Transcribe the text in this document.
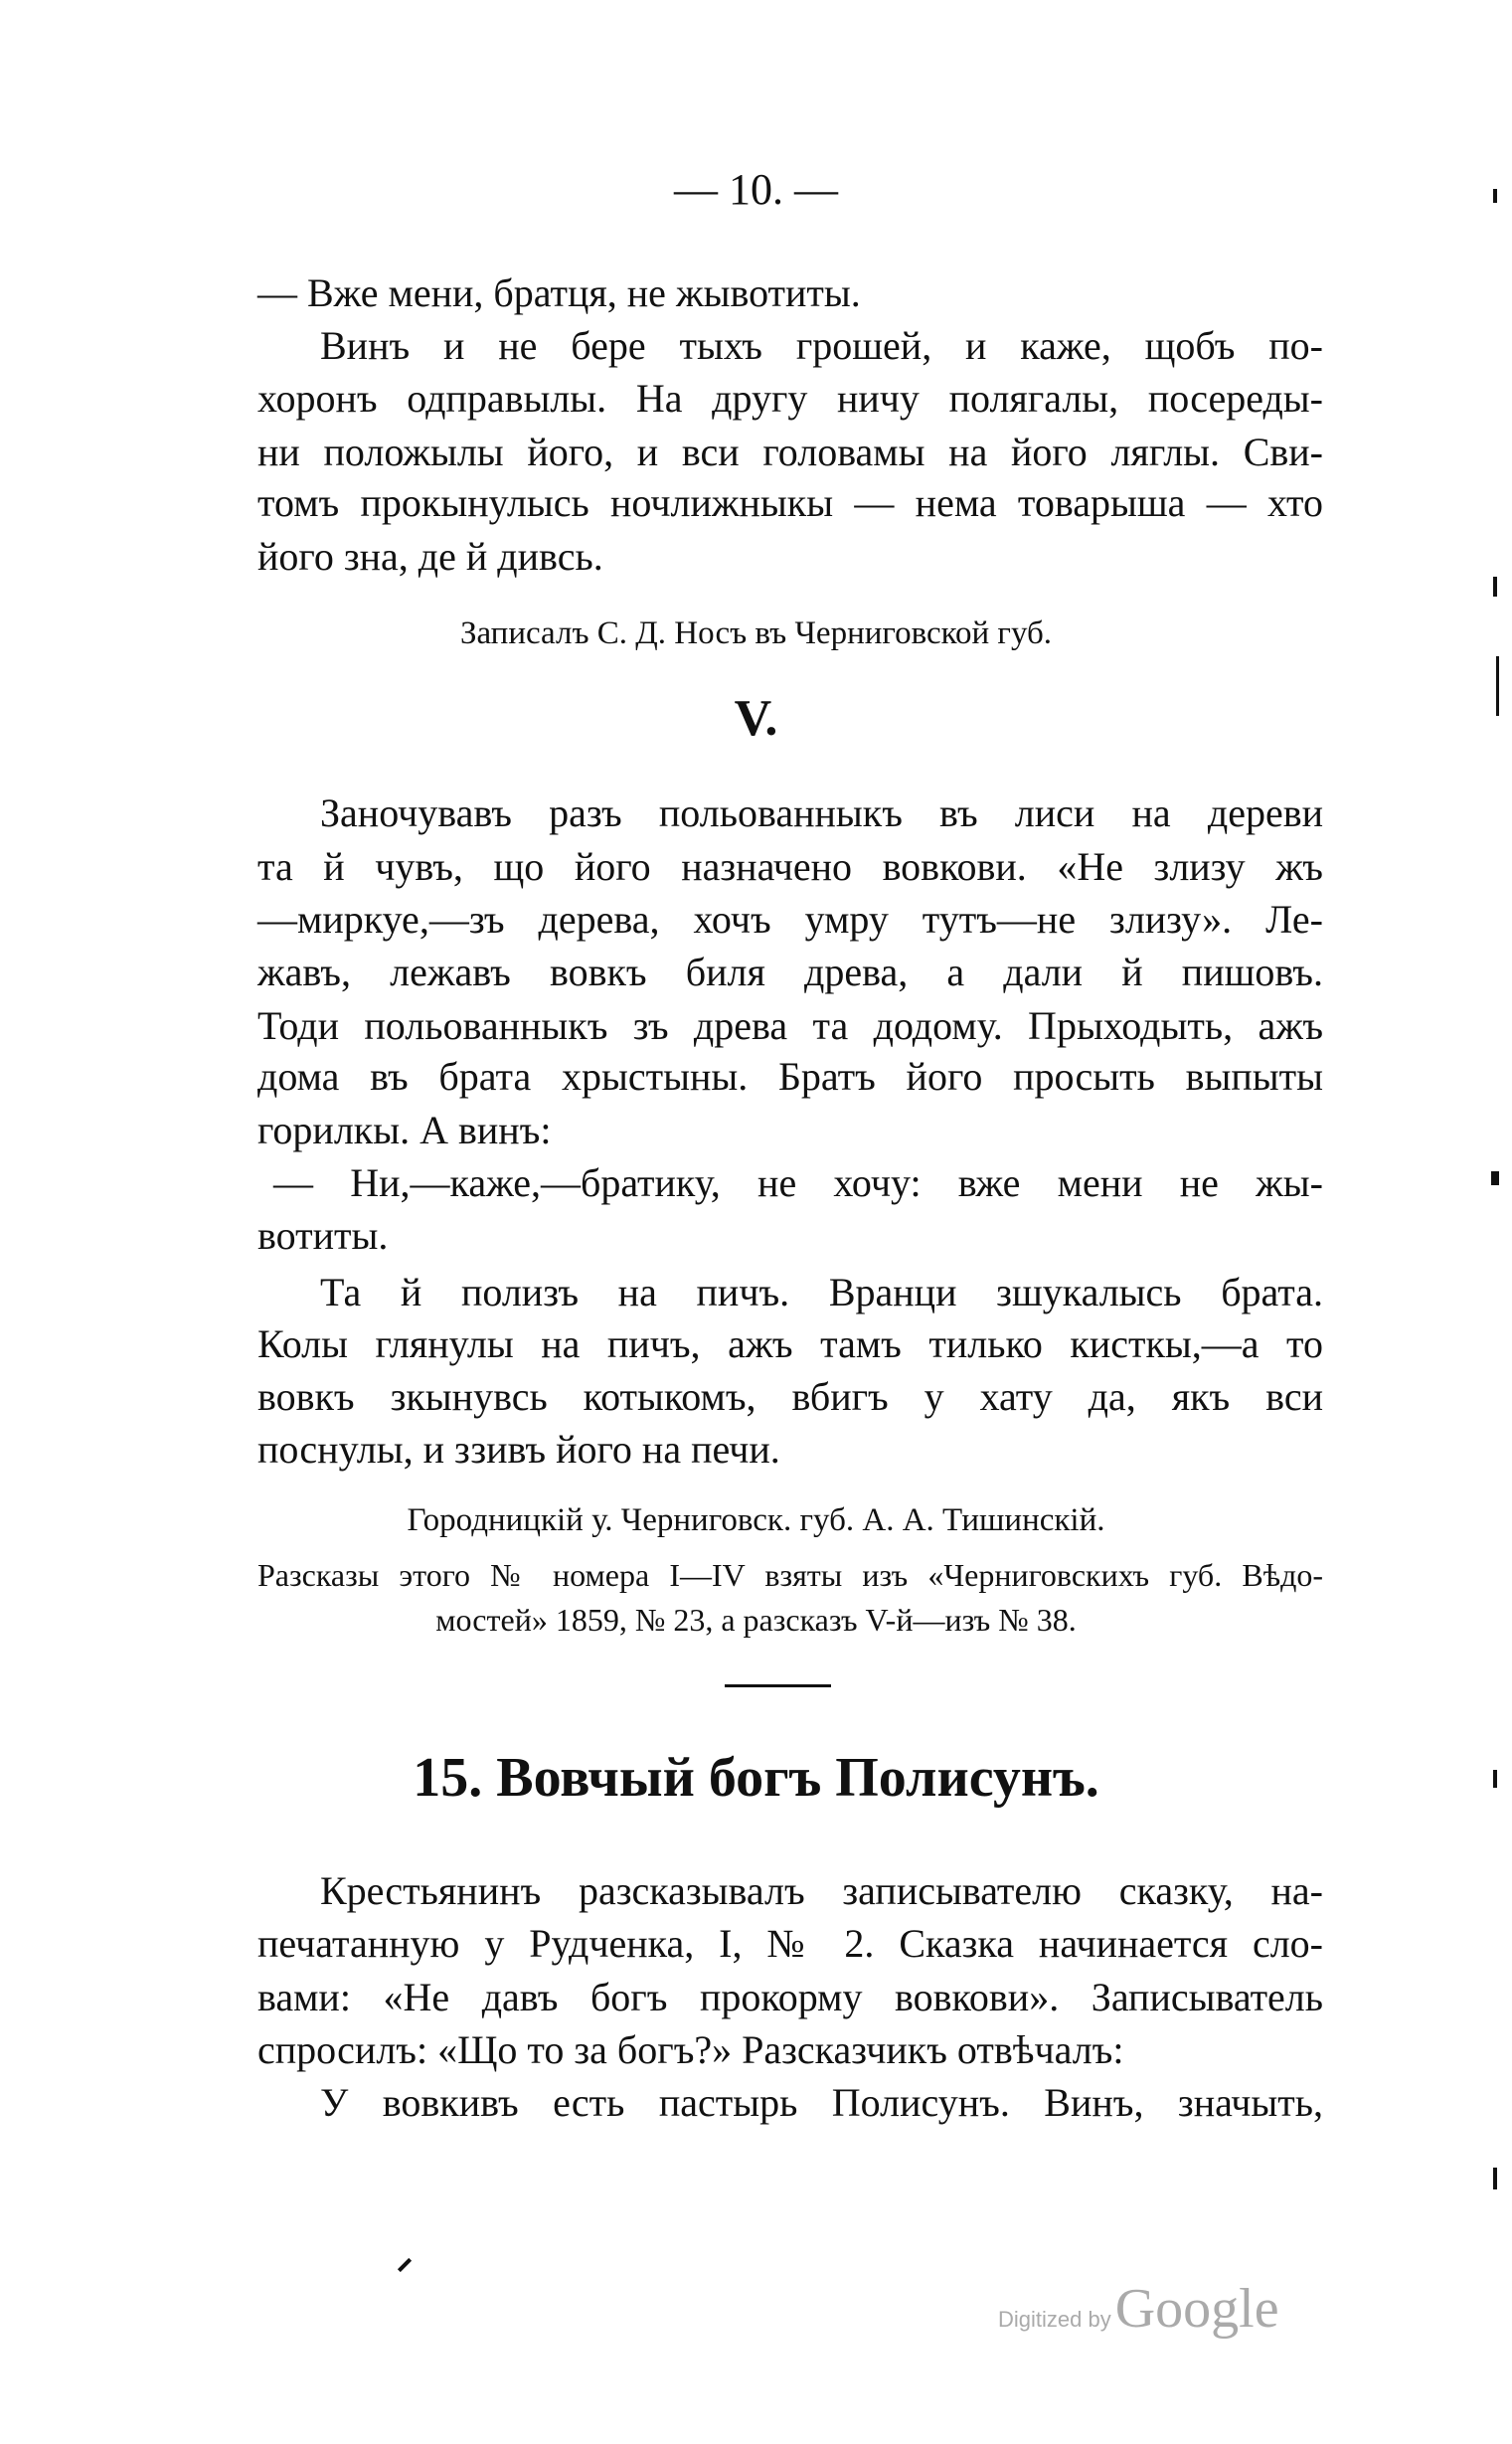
— 10. —
— Вже мени, братця, не жывотиты.
Винъ и не бере тыхъ грошей, и каже, щобъ по-
хоронъ одправылы. На другу ничу полягалы, посереды-
ни положылы його, и вси головамы на його ляглы. Сви-
томъ прокынулысь ночлижныкы — нема товарыша — хто
його зна, де й дивсь.
Записалъ С. Д. Носъ въ Черниговской губ.
V.
Заночувавъ разъ польованныкъ въ лиси на дереви
та й чувъ, що його назначено вовкови. «Не злизу жъ
—миркуе,—зъ дерева, хочъ умру тутъ—не злизу». Ле-
жавъ, лежавъ вовкъ биля древа, а дали й пишовъ.
Тоди польованныкъ зъ древа та додому. Прыходыть, ажъ
дома въ брата хрыстыны. Братъ його просыть выпыты
горилкы. А винъ:
— Ни,—каже,—братику, не хочу: вже мени не жы-
вотиты.
Та й полизъ на пичъ. Вранци зшукалысь брата.
Колы глянулы на пичъ, ажъ тамъ тилько кисткы,—а то
вовкъ зкынувсь котыкомъ, вбигъ у хату да, якъ вси
поснулы, и ззивъ його на печи.
Городницкій у. Черниговск. губ. А. А. Тишинскій.
Разсказы этого № номера I—IV взяты изъ «Черниговскихъ губ. Вѣдо-
мостей» 1859, № 23, а разсказъ V-й—изъ № 38.
15. Вовчый богъ Полисунъ.
Крестьянинъ разсказывалъ записывателю сказку, на-
печатанную у Рудченка, I, № 2. Сказка начинается сло-
вами: «Не давъ богъ прокорму вовкови». Записыватель
спросилъ: «Що то за богъ?» Разсказчикъ отвѣчалъ:
У вовкивъ есть пастырь Полисунъ. Винъ, значыть,
Digitized by Google
